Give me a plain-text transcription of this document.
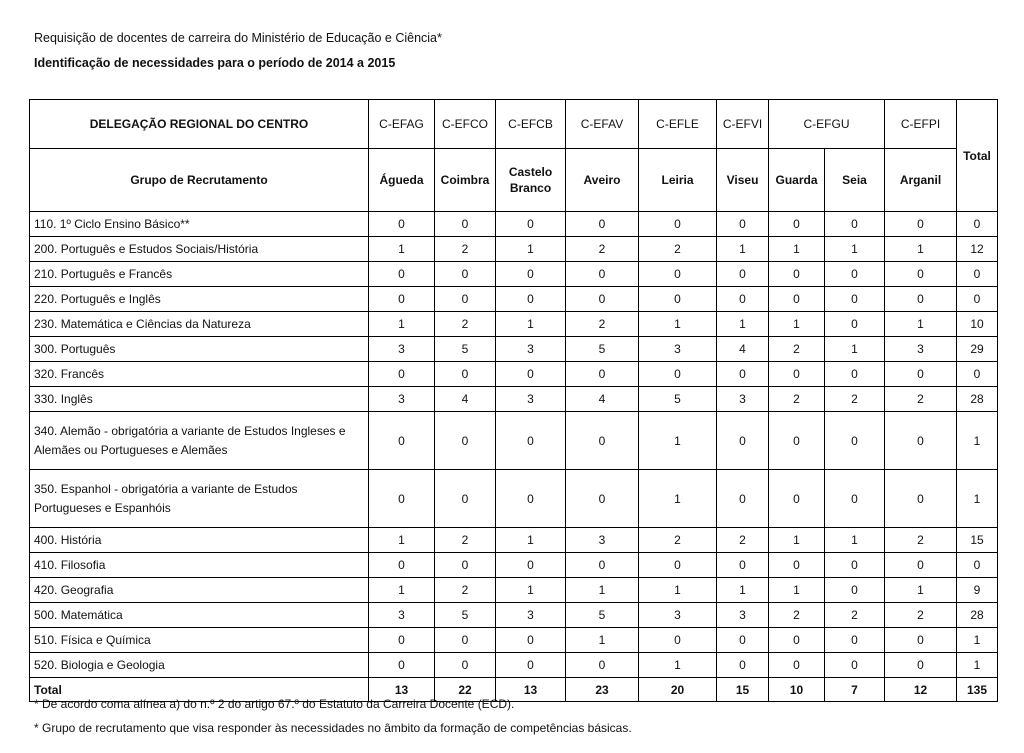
Requisição de docentes de carreira do Ministério de Educação e Ciência*
Identificação de necessidades para o período de 2014 a 2015
DELEGAÇÃO REGIONAL DO CENTRO	C-EFAG	C-EFCO	C-EFCB	C-EFAV	C-EFLE	C-EFVI	C-EFGU		C-EFPI	Total
Grupo de Recrutamento	Águeda	Coimbra	Castelo Branco	Aveiro	Leiria	Viseu	Guarda	Seia	Arganil	
110. 1º Ciclo Ensino Básico**	0	0	0	0	0	0	0	0	0	0
200. Português e Estudos Sociais/História	1	2	1	2	2	1	1	1	1	12
210. Português e Francês	0	0	0	0	0	0	0	0	0	0
220. Português e Inglês	0	0	0	0	0	0	0	0	0	0
230. Matemática e Ciências da Natureza	1	2	1	2	1	1	1	0	1	10
300. Português	3	5	3	5	3	4	2	1	3	29
320. Francês	0	0	0	0	0	0	0	0	0	0
330. Inglês	3	4	3	4	5	3	2	2	2	28
340. Alemão - obrigatória a variante de Estudos Ingleses e Alemães ou Portugueses e Alemães	0	0	0	0	1	0	0	0	0	1
350. Espanhol - obrigatória a variante de Estudos Portugueses e Espanhóis	0	0	0	0	1	0	0	0	0	1
400. História	1	2	1	3	2	2	1	1	2	15
410. Filosofia	0	0	0	0	0	0	0	0	0	0
420. Geografia	1	2	1	1	1	1	1	0	1	9
500. Matemática	3	5	3	5	3	3	2	2	2	28
510. Física e Química	0	0	0	1	0	0	0	0	0	1
520. Biologia e Geologia	0	0	0	0	1	0	0	0	0	1
Total	13	22	13	23	20	15	10	7	12	135
* De acordo coma alínea a) do n.º 2 do artigo 67.º do Estatuto da Carreira Docente (ECD).
* Grupo de recrutamento que visa responder às necessidades no âmbito da formação de competências básicas.
